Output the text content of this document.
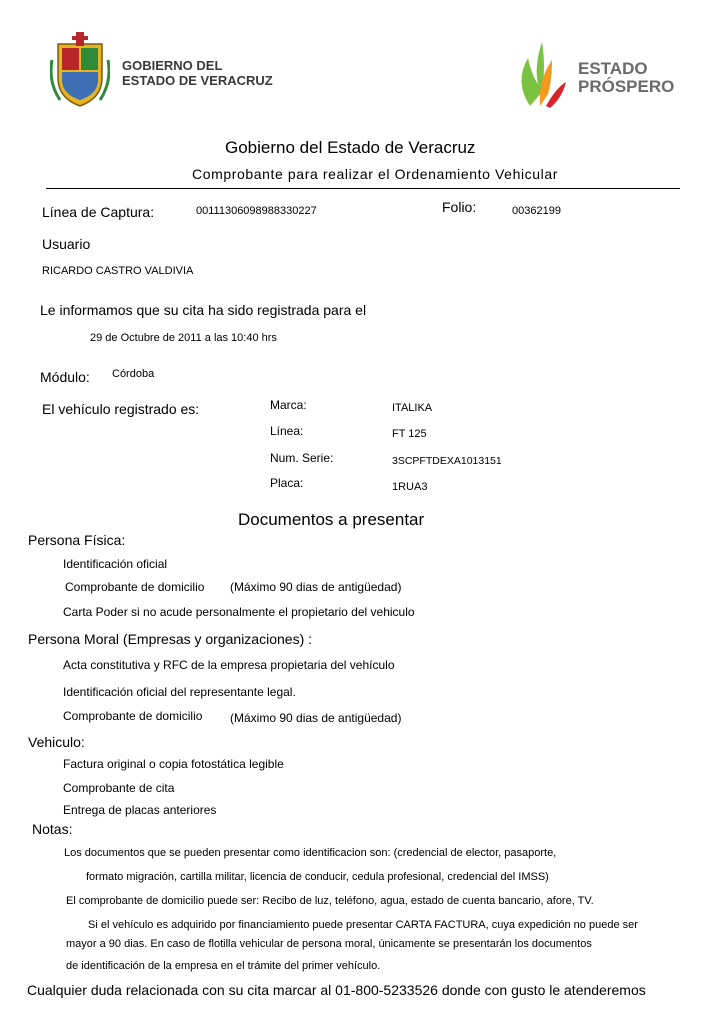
GOBIERNO DEL
ESTADO DE VERACRUZ
ESTADO
PRÓSPERO
Gobierno del Estado de Veracruz
Comprobante para realizar el Ordenamiento Vehicular
Línea de Captura:	00111306098988330227	Folio:	00362199
Usuario
RICARDO CASTRO VALDIVIA
Le informamos que su cita ha sido registrada para el
29 de Octubre de 2011 a las 10:40 hrs
Módulo: Córdoba
El vehículo registrado es:	Marca:	ITALIKA
Línea:	FT 125
Num. Serie:	3SCPFTDEXA1013151
Placa:	1RUA3
Documentos a presentar
Persona Física:
Identificación oficial
Comprobante de domicilio (Máximo 90 dias de antigüedad)
Carta Poder si no acude personalmente el propietario del vehiculo
Persona Moral (Empresas y organizaciones) :
Acta constitutiva y RFC de la empresa propietaria del vehículo
Identificación oficial del representante legal.
Comprobante de domicilio (Máximo 90 dias de antigüedad)
Vehiculo:
Factura original o copia fotostática legible
Comprobante de cita
Entrega de placas anteriores
Notas:
Los documentos que se pueden presentar como identificacion son: (credencial de elector, pasaporte,
formato migración, cartilla militar, licencia de conducir, cedula profesional, credencial del IMSS)
El comprobante de domicilio puede ser: Recibo de luz, teléfono, agua, estado de cuenta bancario, afore, TV.
Si el vehículo es adquirido por financiamiento puede presentar CARTA FACTURA, cuya expedición no puede ser
mayor a 90 dias. En caso de flotilla vehicular de persona moral, únicamente se presentarán los documentos
de identificación de la empresa en el trámite del primer vehículo.
Cualquier duda relacionada con su cita marcar al 01-800-5233526 donde con gusto le atenderemos
